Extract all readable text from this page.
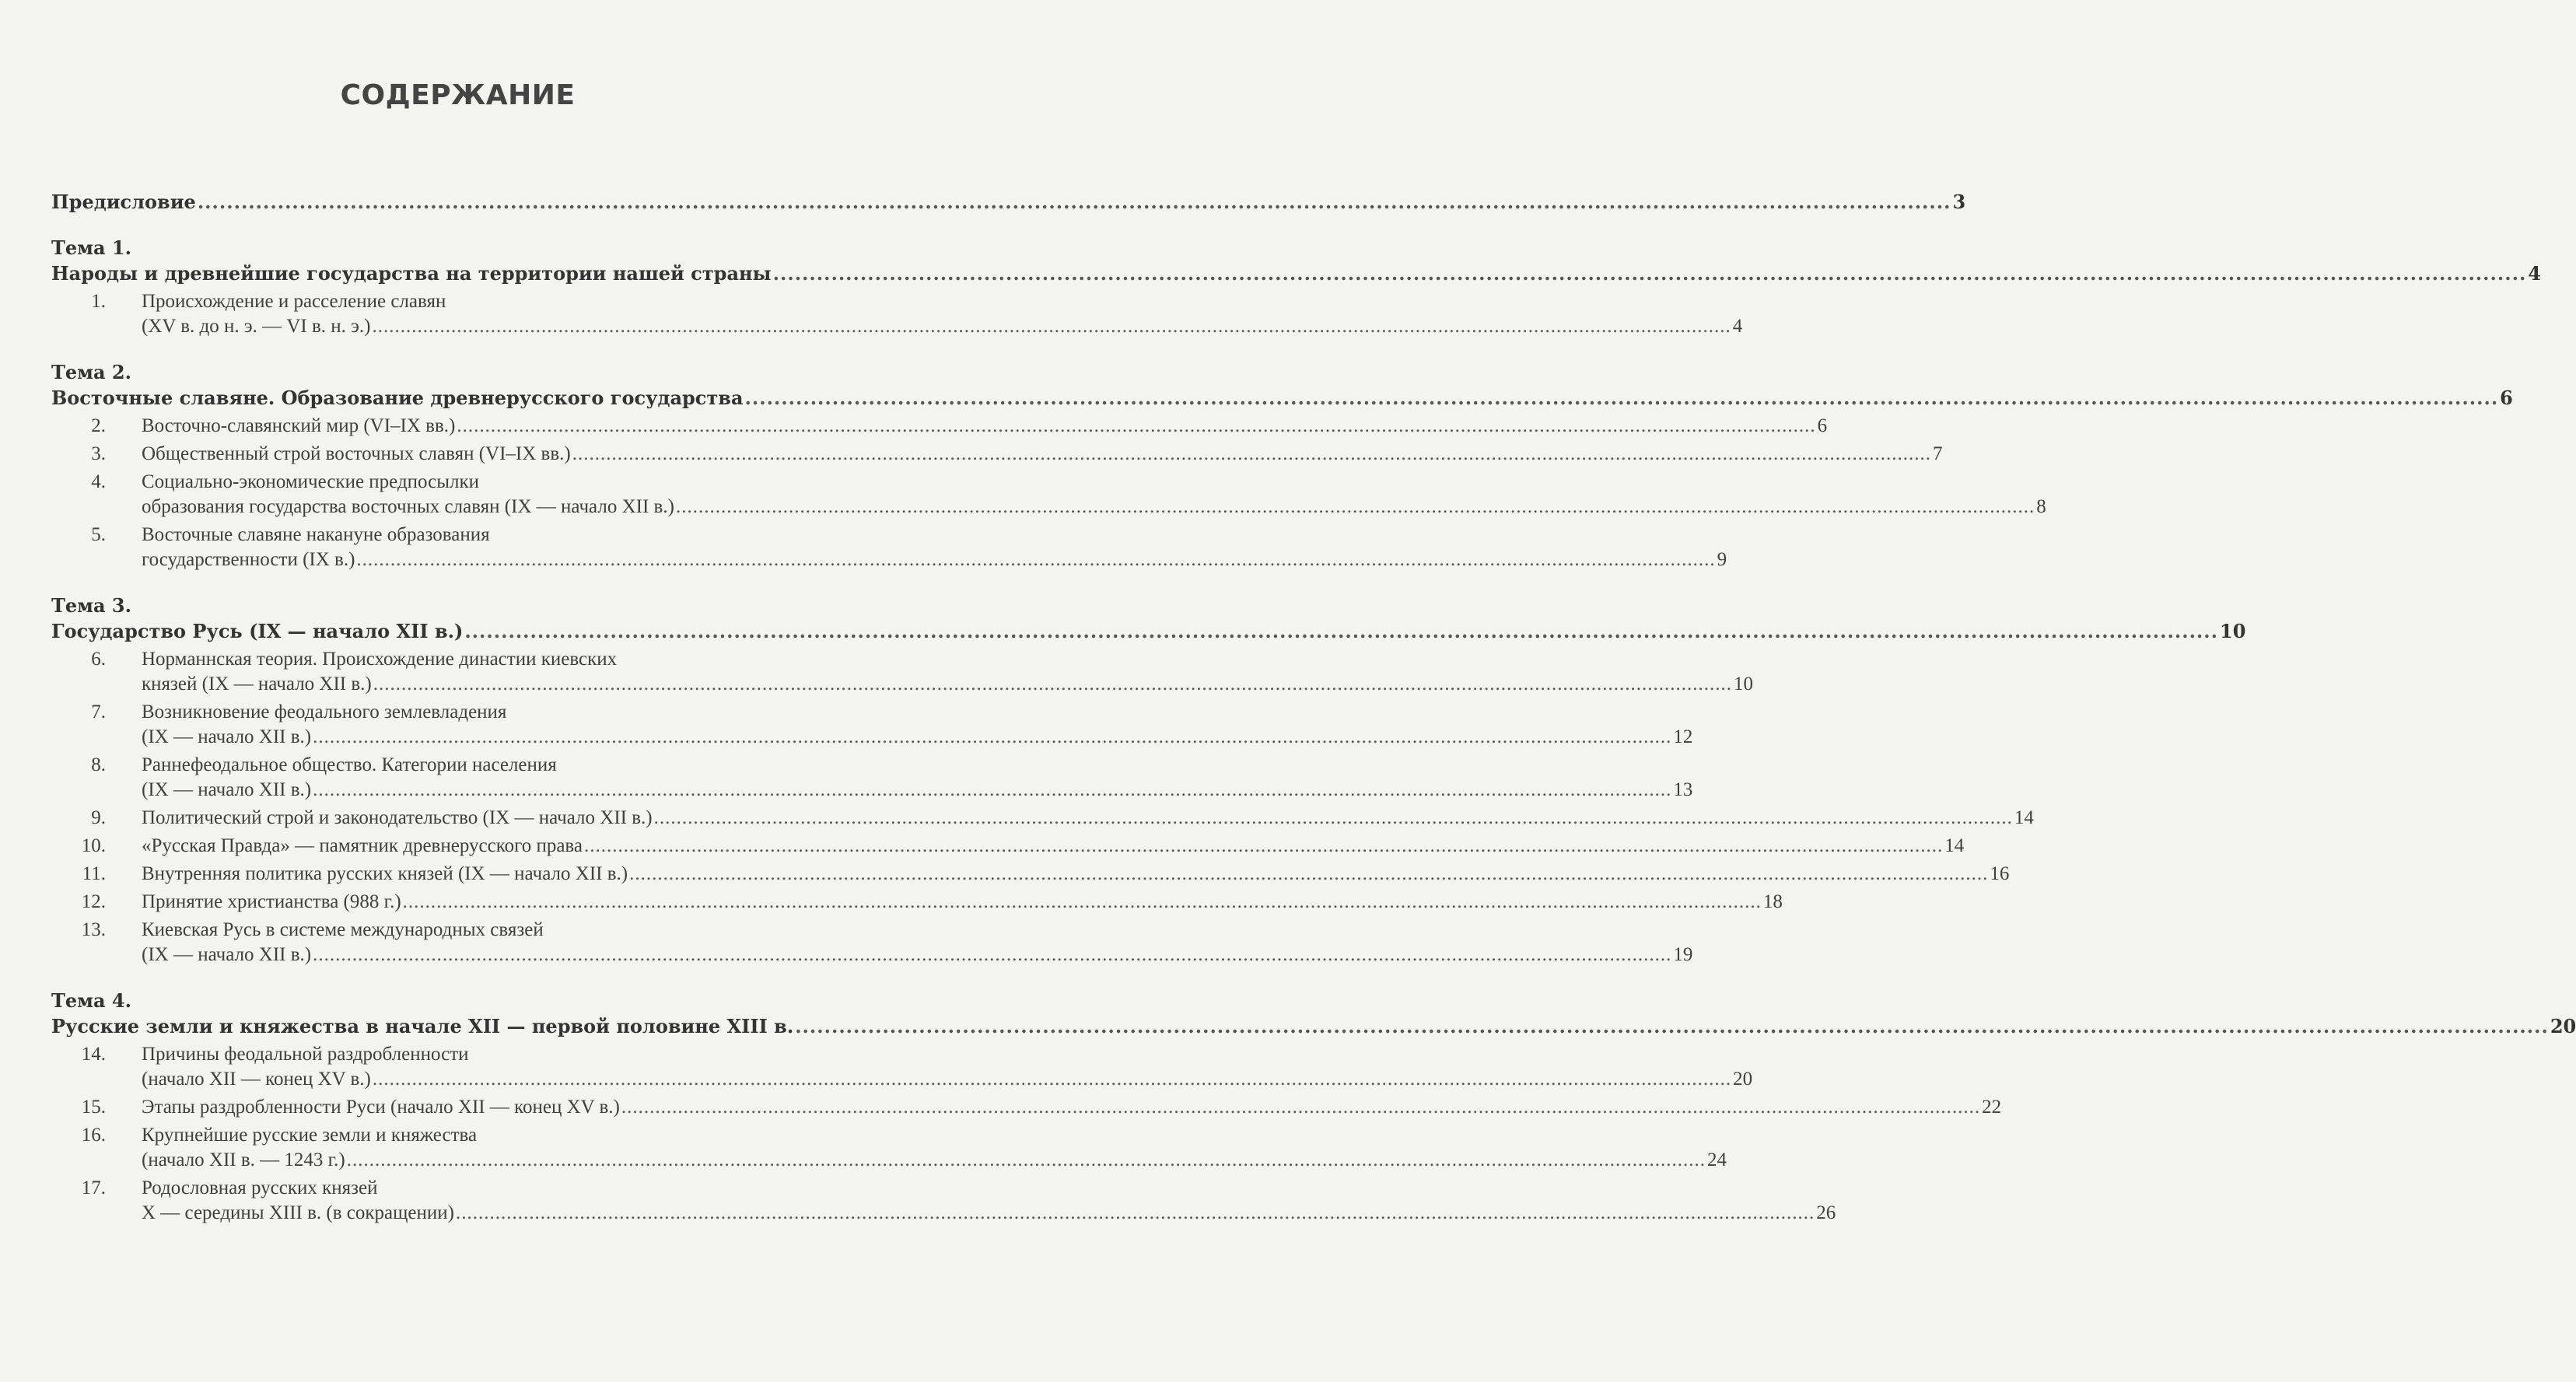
СОДЕРЖАНИЕ
Предисловие .....	3
Тема 1.
Народы и древнейшие государства на территории нашей страны .....	4
1. Происхождение и расселение славян
(XV в. до н. э. — VI в. н. э.) .....	4
Тема 2.
Восточные славяне. Образование древнерусского государства .....	6
2. Восточно-славянский мир (VI–IX вв.) .....	6
3. Общественный строй восточных славян (VI–IX вв.) .....	7
4. Социально-экономические предпосылки
образования государства восточных славян (IX — начало XII в.) .....	8
5. Восточные славяне накануне образования
государственности (IX в.) .....	9
Тема 3.
Государство Русь (IX — начало XII в.) .....	10
6. Норманнская теория. Происхождение династии киевских
князей (IX — начало XII в.) .....	10
7. Возникновение феодального землевладения
(IX — начало XII в.) .....	12
8. Раннефеодальное общество. Категории населения
(IX — начало XII в.) .....	13
9. Политический строй и законодательство (IX — начало XII в.) .....	14
10. «Русская Правда» — памятник древнерусского права .....	14
11. Внутренняя политика русских князей (IX — начало XII в.) .....	16
12. Принятие христианства (988 г.) .....	18
13. Киевская Русь в системе международных связей
(IX — начало XII в.) .....	19
Тема 4.
Русские земли и княжества в начале XII — первой половине XIII в. .....	20
14. Причины феодальной раздробленности
(начало XII — конец XV в.) .....	20
15. Этапы раздробленности Руси (начало XII — конец XV в.) .....	22
16. Крупнейшие русские земли и княжества
(начало XII в. — 1243 г.) .....	24
17. Родословная русских князей
X — середины XIII в. (в сокращении) .....	26
